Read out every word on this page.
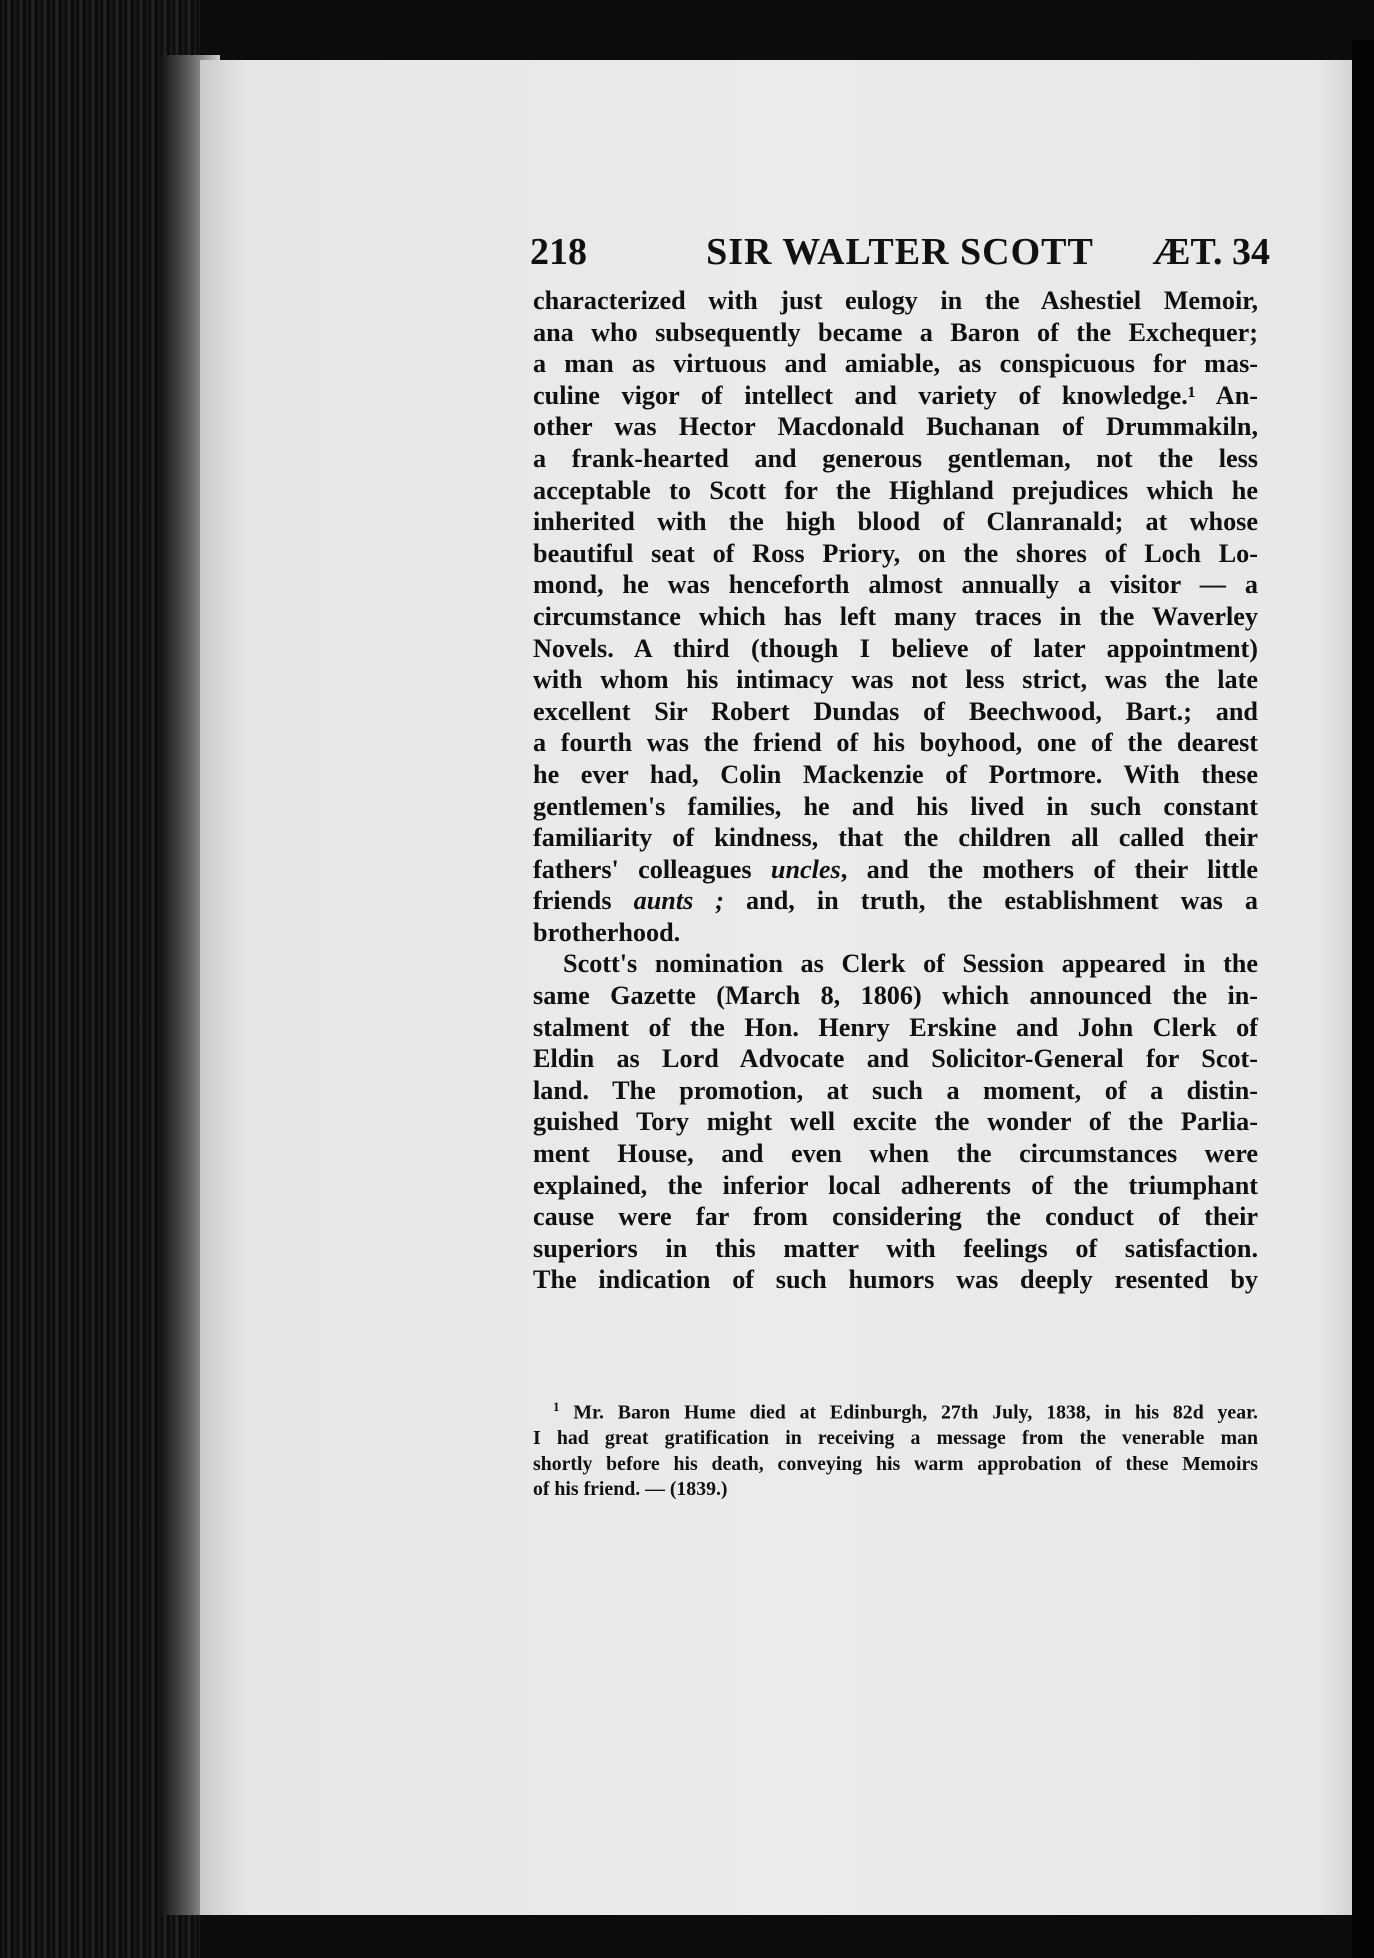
218	SIR WALTER SCOTT	ÆT. 34

characterized with just eulogy in the Ashestiel Memoir,

ana who subsequently became a Baron of the Exchequer;

a man as virtuous and amiable, as conspicuous for mas-

culine vigor of intellect and variety of knowledge.¹ An-

other was Hector Macdonald Buchanan of Drummakiln,

a frank-hearted and generous gentleman, not the less

acceptable to Scott for the Highland prejudices which he

inherited with the high blood of Clanranald; at whose

beautiful seat of Ross Priory, on the shores of Loch Lo-

mond, he was henceforth almost annually a visitor — a

circumstance which has left many traces in the Waverley

Novels. A third (though I believe of later appointment)

with whom his intimacy was not less strict, was the late

excellent Sir Robert Dundas of Beechwood, Bart.; and

a fourth was the friend of his boyhood, one of the dearest

he ever had, Colin Mackenzie of Portmore. With these

gentlemen's families, he and his lived in such constant

familiarity of kindness, that the children all called their

fathers' colleagues uncles, and the mothers of their little

friends aunts ; and, in truth, the establishment was a

brotherhood.

Scott's nomination as Clerk of Session appeared in the

same Gazette (March 8, 1806) which announced the in-

stalment of the Hon. Henry Erskine and John Clerk of

Eldin as Lord Advocate and Solicitor-General for Scot-

land. The promotion, at such a moment, of a distin-

guished Tory might well excite the wonder of the Parlia-

ment House, and even when the circumstances were

explained, the inferior local adherents of the triumphant

cause were far from considering the conduct of their

superiors in this matter with feelings of satisfaction.

The indication of such humors was deeply resented by

$^1$ Mr. Baron Hume died at Edinburgh, 27th July, 1838, in his 82d year.

I had great gratification in receiving a message from the venerable man

shortly before his death, conveying his warm approbation of these Memoirs

of his friend. — (1839.)
